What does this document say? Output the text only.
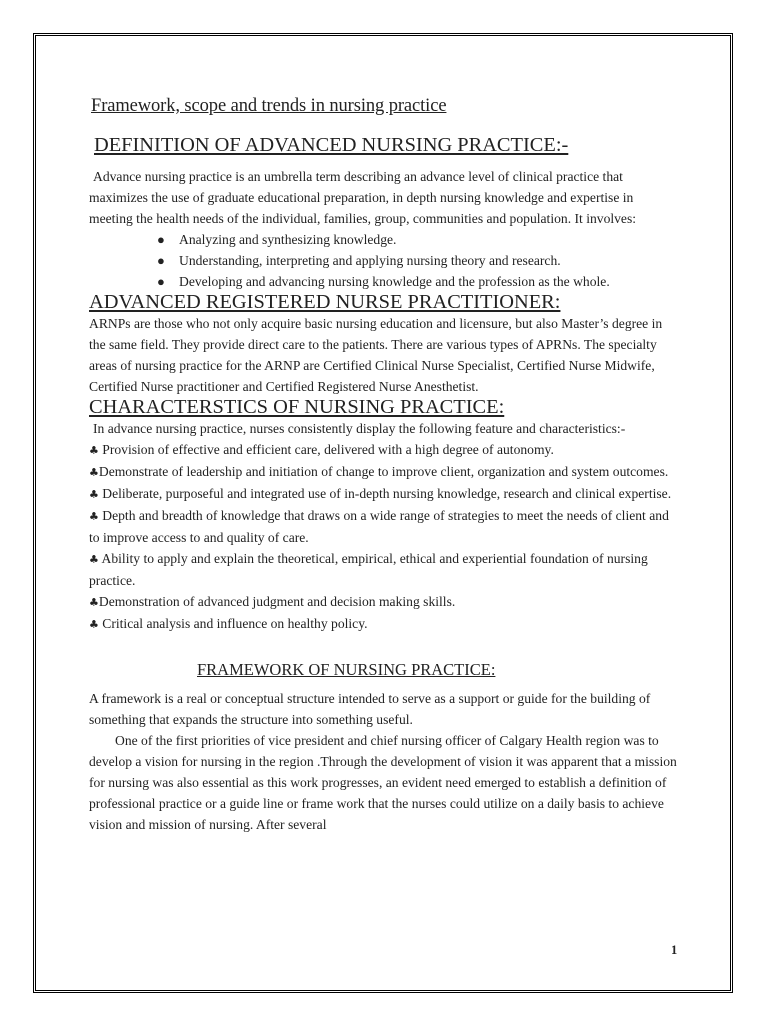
Framework, scope and trends in nursing practice
DEFINITION OF ADVANCED NURSING PRACTICE:-

Advance nursing practice is an umbrella term describing an advance level of clinical practice that maximizes the use of graduate educational preparation, in depth nursing knowledge and expertise in meeting the health needs of the individual, families, group, communities and population. It involves:

● Analyzing and synthesizing knowledge.
● Understanding, interpreting and applying nursing theory and research.
● Developing and advancing nursing knowledge and the profession as the whole.
ADVANCED REGISTERED NURSE PRACTITIONER:

ARNPs are those who not only acquire basic nursing education and licensure, but also Master’s degree in the same field. They provide direct care to the patients. There are various types of APRNs. The specialty areas of nursing practice for the ARNP are Certified Clinical Nurse Specialist, Certified Nurse Midwife, Certified Nurse practitioner and Certified Registered Nurse Anesthetist.

CHARACTERSTICS OF NURSING PRACTICE:

In advance nursing practice, nurses consistently display the following feature and characteristics:-

♣ Provision of effective and efficient care, delivered with a high degree of autonomy.
♣Demonstrate of leadership and initiation of change to improve client, organization and system outcomes.
♣ Deliberate, purposeful and integrated use of in-depth nursing knowledge, research and clinical expertise.
♣ Depth and breadth of knowledge that draws on a wide range of strategies to meet the needs of client and to improve access to and quality of care.
♣ Ability to apply and explain the theoretical, empirical, ethical and experiential foundation of nursing practice.
♣Demonstration of advanced judgment and decision making skills.
♣ Critical analysis and influence on healthy policy.
FRAMEWORK OF NURSING PRACTICE:

A framework is a real or conceptual structure intended to serve as a support or guide for the building of something that expands the structure into something useful.

One of the first priorities of vice president and chief nursing officer of Calgary Health region was to develop a vision for nursing in the region .Through the development of vision it was apparent that a mission for nursing was also essential as this work progresses, an evident need emerged to establish a definition of professional practice or a guide line or frame work that the nurses could utilize on a daily basis to achieve vision and mission of nursing. After several

1
